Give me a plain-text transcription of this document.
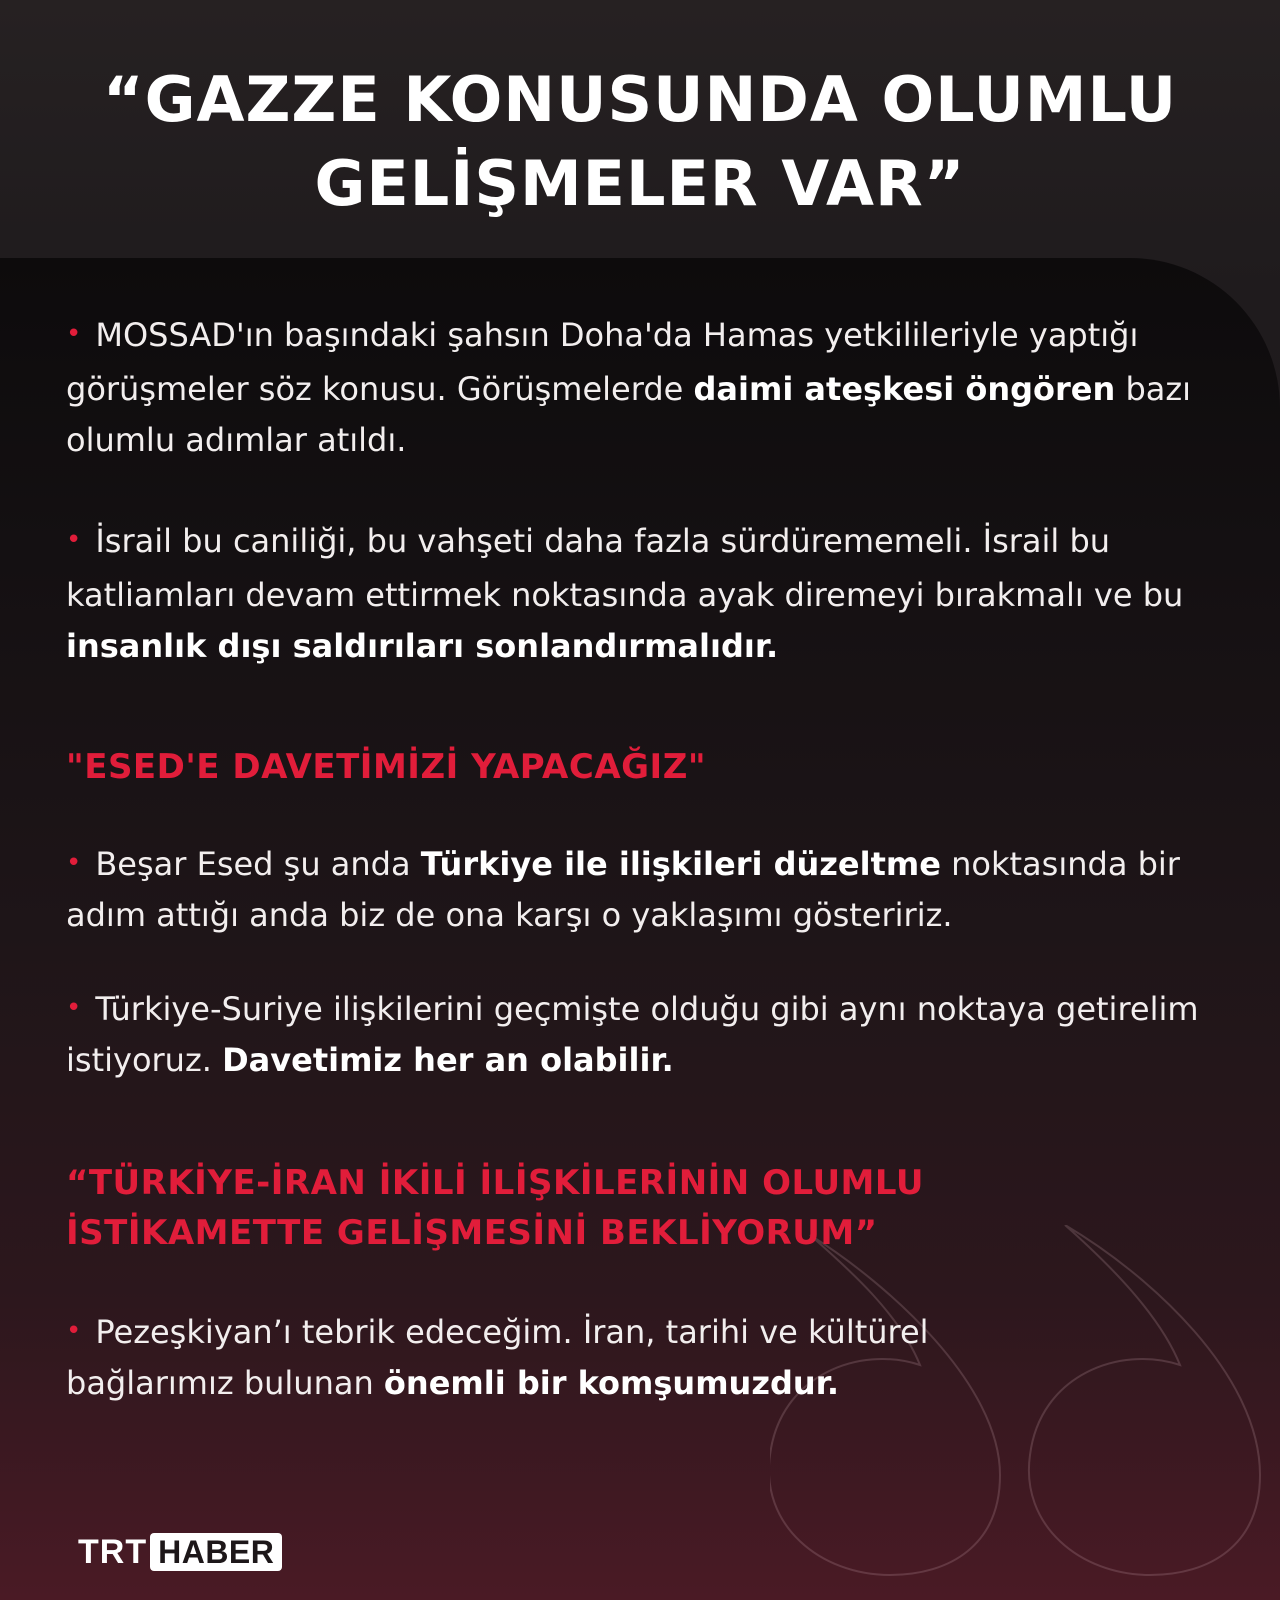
“GAZZE KONUSUNDA OLUMLU GELİŞMELER VAR”

• MOSSAD'ın başındaki şahsın Doha'da Hamas yetkilileriyle yaptığı görüşmeler söz konusu. Görüşmelerde daimi ateşkesi öngören bazı olumlu adımlar atıldı.

• İsrail bu caniliği, bu vahşeti daha fazla sürdürememeli. İsrail bu katliamları devam ettirmek noktasında ayak diremeyi bırakmalı ve bu insanlık dışı saldırıları sonlandırmalıdır.

"ESED'E DAVETİMİZİ YAPACAĞIZ"

• Beşar Esed şu anda Türkiye ile ilişkileri düzeltme noktasında bir adım attığı anda biz de ona karşı o yaklaşımı gösteririz.

• Türkiye-Suriye ilişkilerini geçmişte olduğu gibi aynı noktaya getirelim istiyoruz. Davetimiz her an olabilir.

“TÜRKİYE-İRAN İKİLİ İLİŞKİLERİNİN OLUMLU İSTİKAMETTE GELİŞMESİNİ BEKLİYORUM”

• Pezeşkiyan’ı tebrik edeceğim. İran, tarihi ve kültürel bağlarımız bulunan önemli bir komşumuzdur.

TRT HABER
